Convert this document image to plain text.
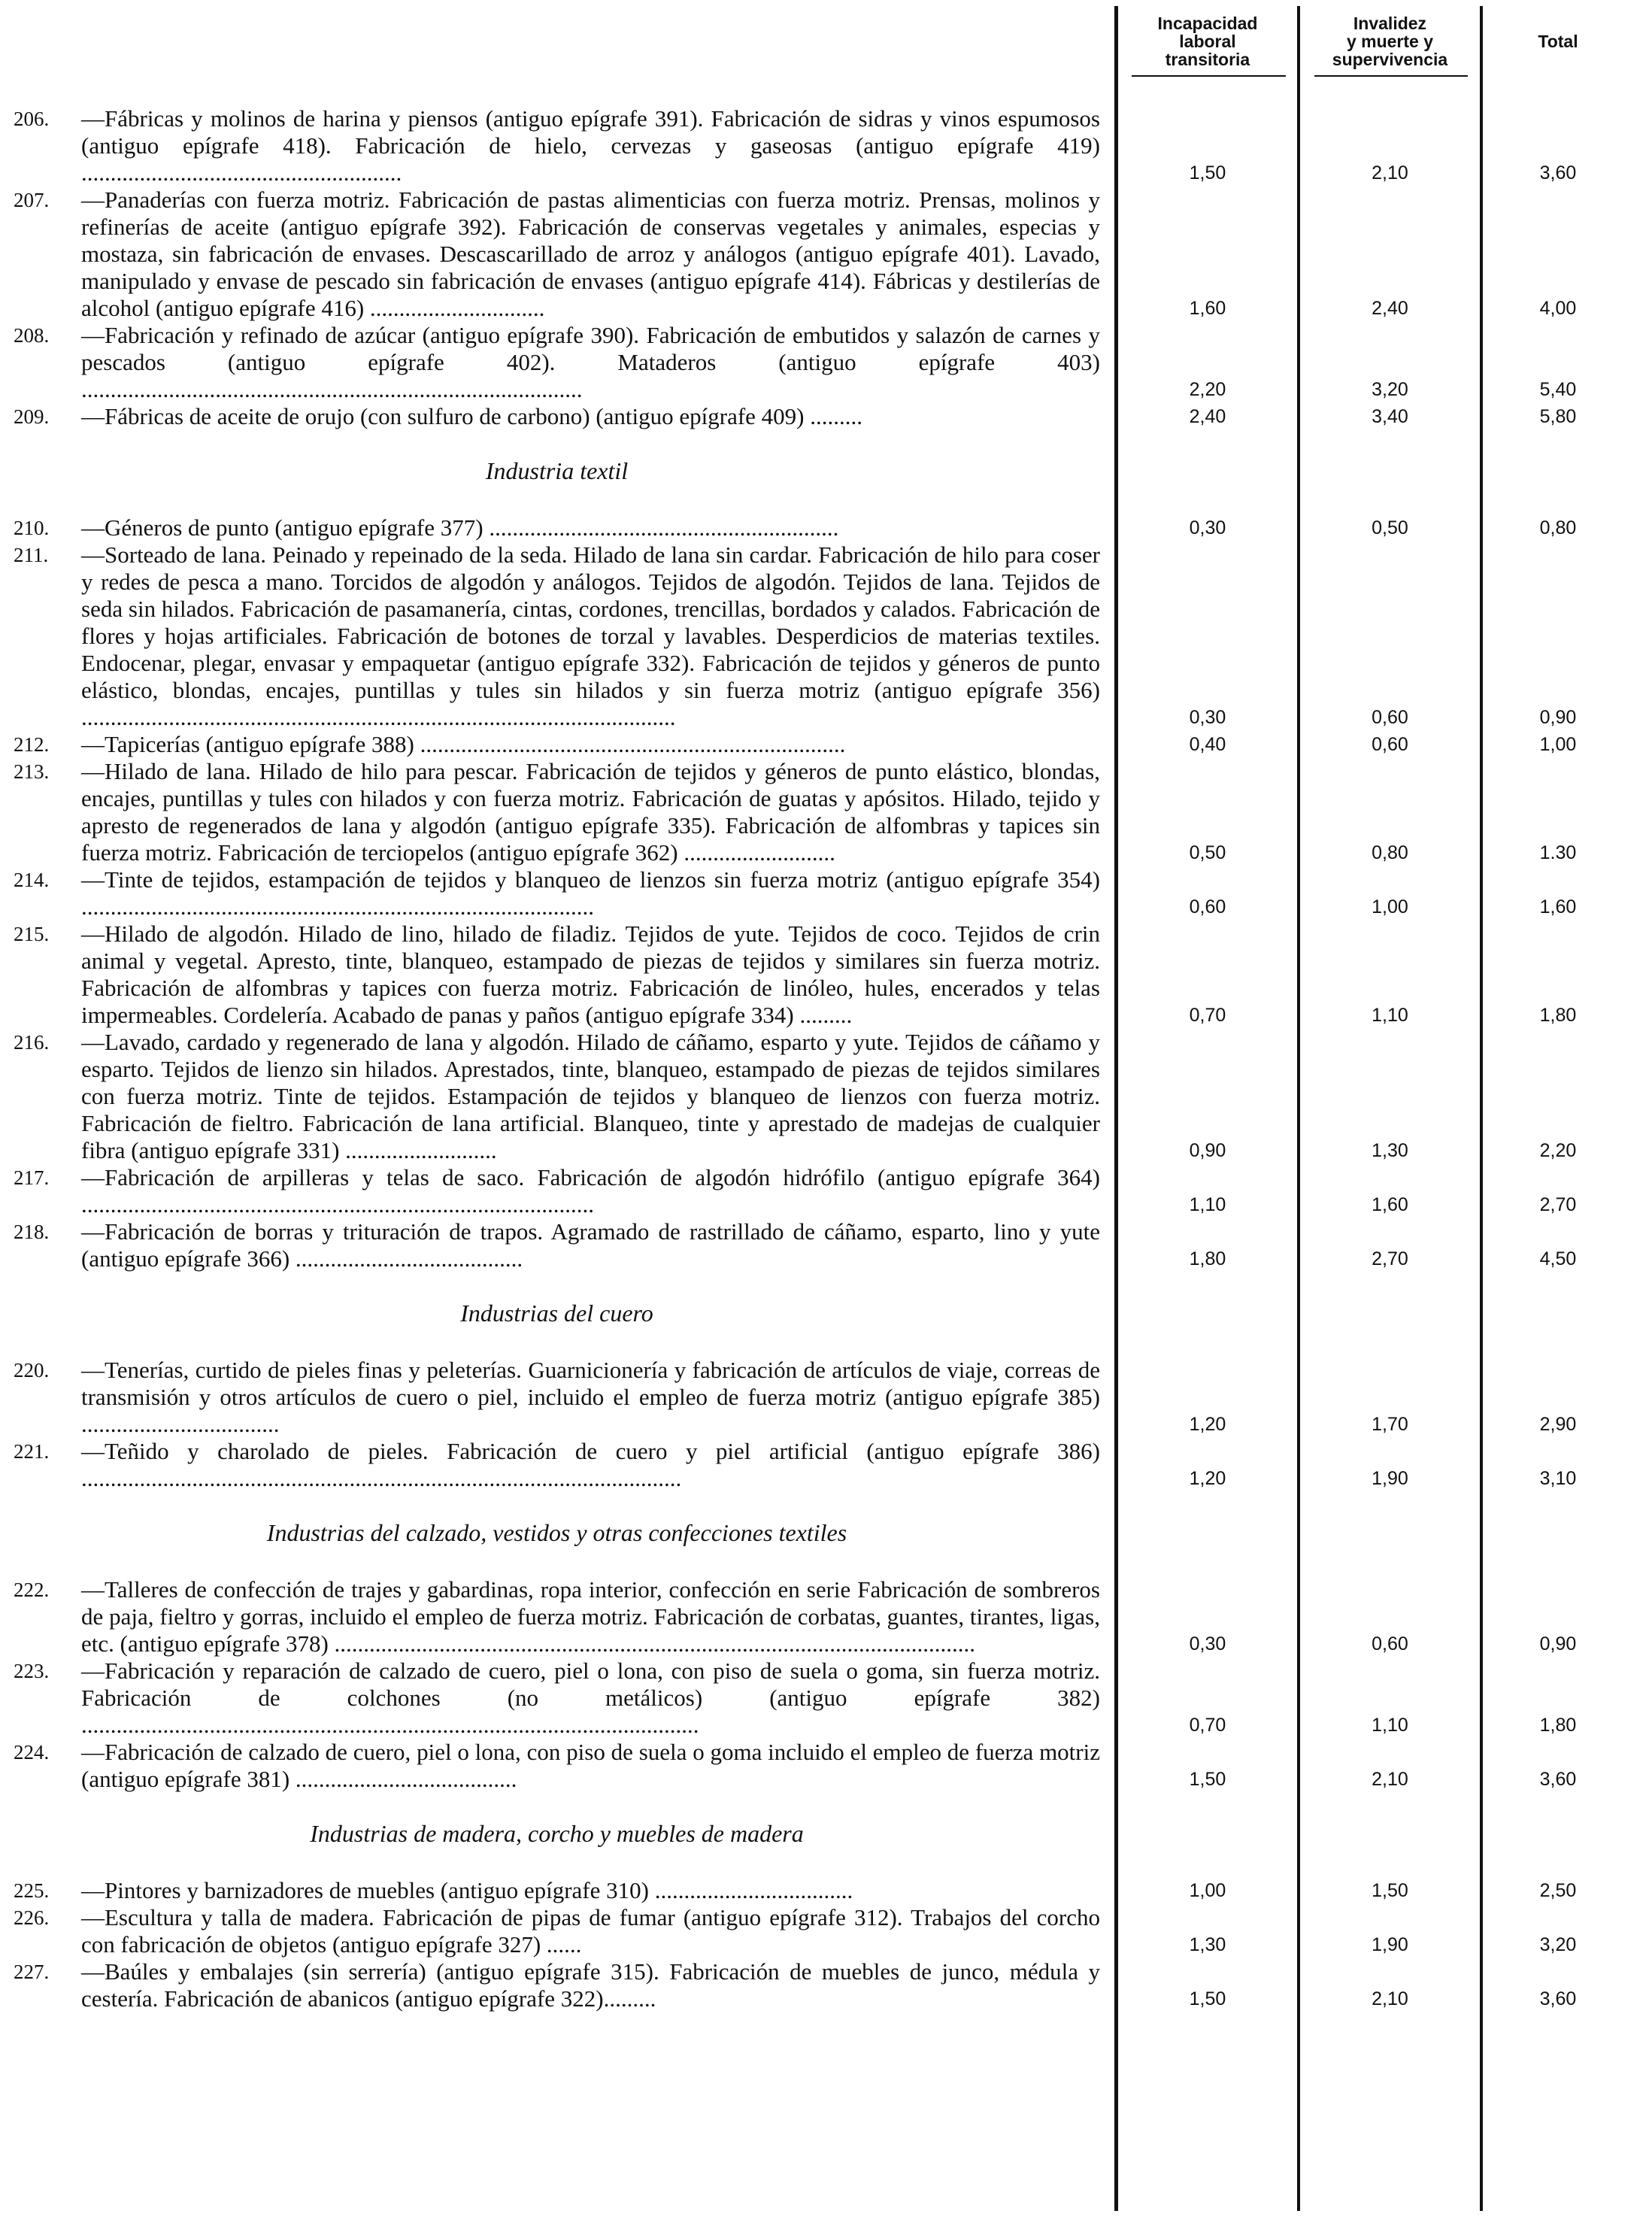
Incapacidad
laboral
transitoria
Invalidez
y muerte y
supervivencia
Total
206.	—Fábricas y molinos de harina y piensos (antiguo epígrafe 391). Fabricación de sidras y vinos espumosos (antiguo epígrafe 418). Fabricación de hielo, cervezas y gaseosas (antiguo epígrafe 419) .......................................................	1,50	2,10	3,60
207.	—Panaderías con fuerza motriz. Fabricación de pastas alimenticias con fuerza motriz. Prensas, molinos y refinerías de aceite (antiguo epígrafe 392). Fabricación de conservas vegetales y animales, especias y mostaza, sin fabricación de envases. Descascarillado de arroz y análogos (antiguo epígrafe 401). Lavado, manipulado y envase de pescado sin fabricación de envases (antiguo epígrafe 414). Fábricas y destilerías de alcohol (antiguo epígrafe 416) ..............................	1,60	2,40	4,00
208.	—Fabricación y refinado de azúcar (antiguo epígrafe 390). Fabricación de embutidos y salazón de carnes y pescados (antiguo epígrafe 402). Mataderos (antiguo epígrafe 403) ......................................................................................	2,20	3,20	5,40
209.	—Fábricas de aceite de orujo (con sulfuro de carbono) (antiguo epígrafe 409) .........	2,40	3,40	5,80
Industria textil
210.	—Géneros de punto (antiguo epígrafe 377) ............................................................	0,30	0,50	0,80
211.	—Sorteado de lana. Peinado y repeinado de la seda. Hilado de lana sin cardar. Fabricación de hilo para coser y redes de pesca a mano. Torcidos de algodón y análogos. Tejidos de algodón. Tejidos de lana. Tejidos de seda sin hilados. Fabricación de pasamanería, cintas, cordones, trencillas, bordados y calados. Fabricación de flores y hojas artificiales. Fabricación de botones de torzal y lavables. Desperdicios de materias textiles. Endocenar, plegar, envasar y empaquetar (antiguo epígrafe 332). Fabricación de tejidos y géneros de punto elástico, blondas, encajes, puntillas y tules sin hilados y sin fuerza motriz (antiguo epígrafe 356) ......................................................................................................	0,30	0,60	0,90
212.	—Tapicerías (antiguo epígrafe 388) .........................................................................	0,40	0,60	1,00
213.	—Hilado de lana. Hilado de hilo para pescar. Fabricación de tejidos y géneros de punto elástico, blondas, encajes, puntillas y tules con hilados y con fuerza motriz. Fabricación de guatas y apósitos. Hilado, tejido y apresto de regenerados de lana y algodón (antiguo epígrafe 335). Fabricación de alfombras y tapices sin fuerza motriz. Fabricación de terciopelos (antiguo epígrafe 362) ..........................	0,50	0,80	1.30
214.	—Tinte de tejidos, estampación de tejidos y blanqueo de lienzos sin fuerza motriz (antiguo epígrafe 354) ........................................................................................	0,60	1,00	1,60
215.	—Hilado de algodón. Hilado de lino, hilado de filadiz. Tejidos de yute. Tejidos de coco. Tejidos de crin animal y vegetal. Apresto, tinte, blanqueo, estampado de piezas de tejidos y similares sin fuerza motriz. Fabricación de alfombras y tapices con fuerza motriz. Fabricación de linóleo, hules, encerados y telas impermeables. Cordelería. Acabado de panas y paños (antiguo epígrafe 334) .........	0,70	1,10	1,80
216.	—Lavado, cardado y regenerado de lana y algodón. Hilado de cáñamo, esparto y yute. Tejidos de cáñamo y esparto. Tejidos de lienzo sin hilados. Aprestados, tinte, blanqueo, estampado de piezas de tejidos similares con fuerza motriz. Tinte de tejidos. Estampación de tejidos y blanqueo de lienzos con fuerza motriz. Fabricación de fieltro. Fabricación de lana artificial. Blanqueo, tinte y aprestado de madejas de cualquier fibra (antiguo epígrafe 331) ..........................	0,90	1,30	2,20
217.	—Fabricación de arpilleras y telas de saco. Fabricación de algodón hidrófilo (antiguo epígrafe 364) ........................................................................................	1,10	1,60	2,70
218.	—Fabricación de borras y trituración de trapos. Agramado de rastrillado de cáñamo, esparto, lino y yute (antiguo epígrafe 366) .......................................	1,80	2,70	4,50
Industrias del cuero
220.	—Tenerías, curtido de pieles finas y peleterías. Guarnicionería y fabricación de artículos de viaje, correas de transmisión y otros artículos de cuero o piel, incluido el empleo de fuerza motriz (antiguo epígrafe 385) ..................................	1,20	1,70	2,90
221.	—Teñido y charolado de pieles. Fabricación de cuero y piel artificial (antiguo epígrafe 386) .......................................................................................................	1,20	1,90	3,10
Industrias del calzado, vestidos y otras confecciones textiles
222.	—Talleres de confección de trajes y gabardinas, ropa interior, confección en serie Fabricación de sombreros de paja, fieltro y gorras, incluido el empleo de fuerza motriz. Fabricación de corbatas, guantes, tirantes, ligas, etc. (antiguo epígrafe 378) ..............................................................................................................	0,30	0,60	0,90
223.	—Fabricación y reparación de calzado de cuero, piel o lona, con piso de suela o goma, sin fuerza motriz. Fabricación de colchones (no metálicos) (antiguo epígrafe 382) ..........................................................................................................	0,70	1,10	1,80
224.	—Fabricación de calzado de cuero, piel o lona, con piso de suela o goma incluido el empleo de fuerza motriz (antiguo epígrafe 381) ......................................	1,50	2,10	3,60
Industrias de madera, corcho y muebles de madera
225.	—Pintores y barnizadores de muebles (antiguo epígrafe 310) ..................................	1,00	1,50	2,50
226.	—Escultura y talla de madera. Fabricación de pipas de fumar (antiguo epígrafe 312). Trabajos del corcho con fabricación de objetos (antiguo epígrafe 327) ......	1,30	1,90	3,20
227.	—Baúles y embalajes (sin serrería) (antiguo epígrafe 315). Fabricación de muebles de junco, médula y cestería. Fabricación de abanicos (antiguo epígrafe 322).........	1,50	2,10	3,60
